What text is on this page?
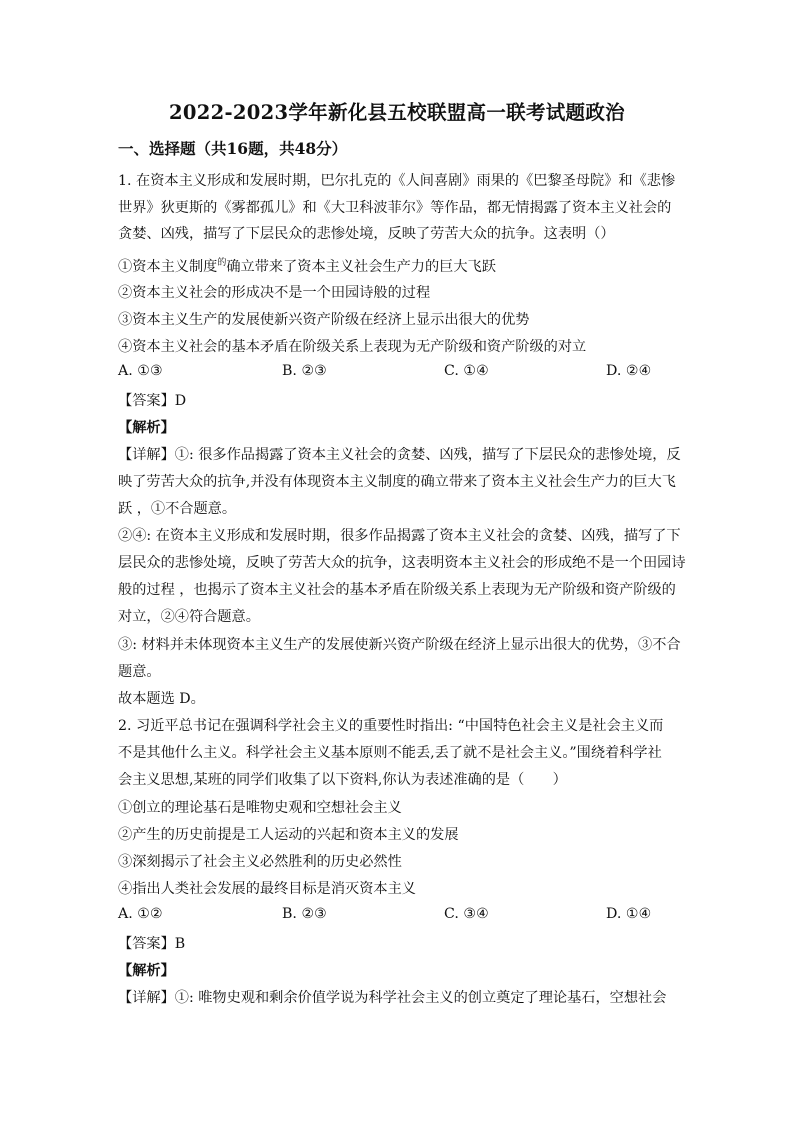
2022-2023学年新化县五校联盟高一联考试题政治
一、选择题（共16题，共48分）
1. 在资本主义形成和发展时期，巴尔扎克的《人间喜剧》雨果的《巴黎圣母院》和《悲惨
世界》狄更斯的《雾都孤儿》和《大卫科波菲尔》等作品，都无情揭露了资本主义社会的
贪婪、凶残，描写了下层民众的悲惨处境，反映了劳苦大众的抗争。这表明（）
①资本主义制度$^的$确立带来了资本主义社会生产力的巨大飞跃
②资本主义社会的形成决不是一个田园诗般的过程
③资本主义生产的发展使新兴资产阶级在经济上显示出很大的优势
④资本主义社会的基本矛盾在阶级关系上表现为无产阶级和资产阶级的对立
A. ①③	B. ②③	C. ①④	D. ②④
【答案】D
【解析】
【详解】①: 很多作品揭露了资本主义社会的贪婪、凶残，描写了下层民众的悲惨处境，反
映了劳苦大众的抗争,并没有体现资本主义制度的确立带来了资本主义社会生产力的巨大飞
跃 ，①不合题意。
②④: 在资本主义形成和发展时期，很多作品揭露了资本主义社会的贪婪、凶残，描写了下
层民众的悲惨处境，反映了劳苦大众的抗争，这表明资本主义社会的形成绝不是一个田园诗
般的过程 ，也揭示了资本主义社会的基本矛盾在阶级关系上表现为无产阶级和资产阶级的
对立，②④符合题意。
③: 材料并未体现资本主义生产的发展使新兴资产阶级在经济上显示出很大的优势，③不合
题意。
故本题选 D。
2. 习近平总书记在强调科学社会主义的重要性时指出: “中国特色社会主义是社会主义而
不是其他什么主义。科学社会主义基本原则不能丢,丢了就不是社会主义。”围绕着科学社
会主义思想,某班的同学们收集了以下资料,你认为表述准确的是（　　）
①创立的理论基石是唯物史观和空想社会主义
②产生的历史前提是工人运动的兴起和资本主义的发展
③深刻揭示了社会主义必然胜利的历史必然性
④指出人类社会发展的最终目标是消灭资本主义
A. ①②	B. ②③	C. ③④	D. ①④
【答案】B
【解析】
【详解】①: 唯物史观和剩余价值学说为科学社会主义的创立奠定了理论基石，空想社会
